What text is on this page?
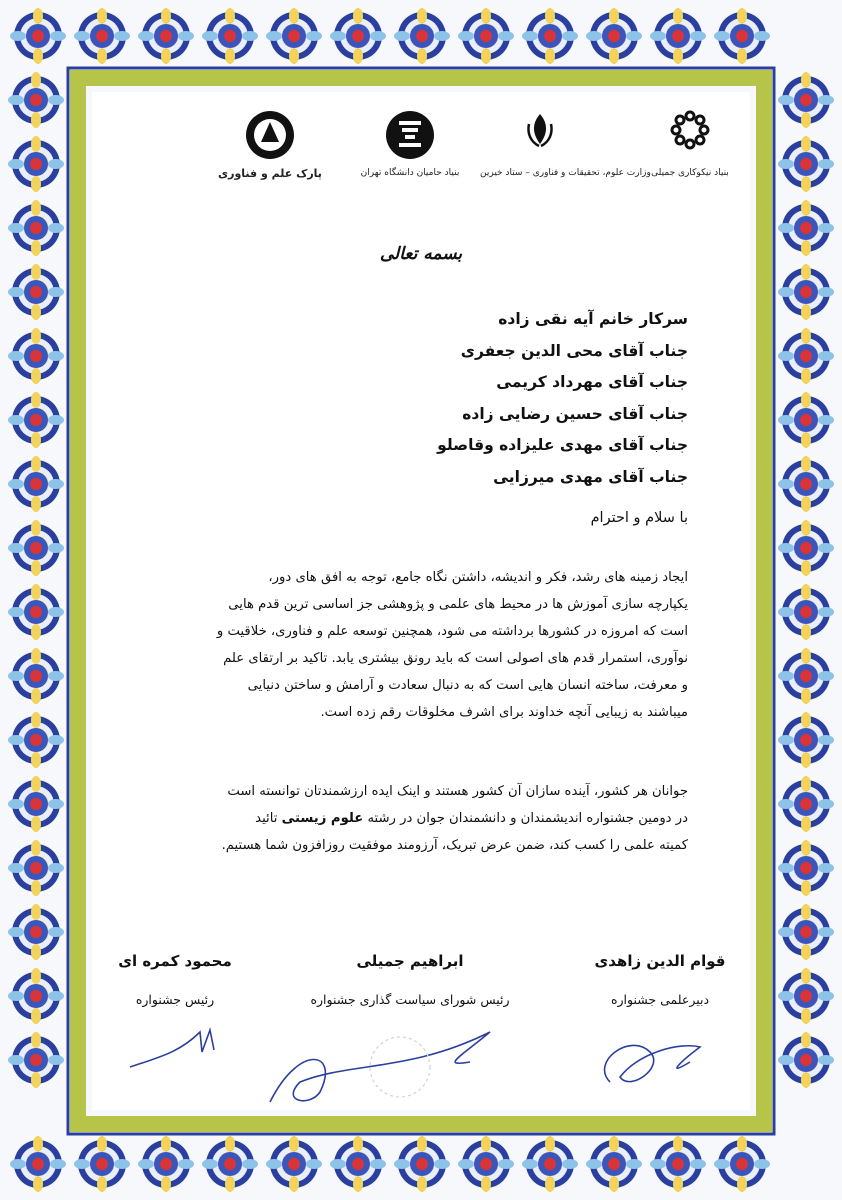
بنیاد نیکوکاری جمیلی
وزارت علوم، تحقیقات و فناوری – ستاد خیرین
بنیاد حامیان دانشگاه تهران
پارک علم و فناوری
بسمه تعالی
سرکار خانم آیه نقی زاده
جناب آقای محی الدین جعفری
جناب آقای مهرداد کریمی
جناب آقای حسین رضایی زاده
جناب آقای مهدی علیزاده وقاصلو
جناب آقای مهدی میرزایی
با سلام و احترام
ایجاد زمینه های رشد، فکر و اندیشه، داشتن نگاه جامع، توجه به افق های دور،
یکپارچه سازی آموزش ها در محیط های علمی و پژوهشی جز اساسی ترین قدم هایی
است که امروزه در کشورها برداشته می شود، همچنین توسعه علم و فناوری، خلاقیت و
نوآوری، استمرار قدم های اصولی است که باید رونق بیشتری یابد. تاکید بر ارتقای علم
و معرفت، ساخته انسان هایی است که به دنبال سعادت و آرامش و ساختن دنیایی
میباشند به زیبایی آنچه خداوند برای اشرف مخلوقات رقم زده است.
جوانان هر کشور، آینده سازان آن کشور هستند و اینک ایده ارزشمندتان توانسته است
در دومین جشنواره اندیشمندان و دانشمندان جوان در رشته علوم زیستی تائید
کمیته علمی را کسب کند، ضمن عرض تبریک، آرزومند موفقیت روزافزون شما هستیم.
قوام الدین زاهدی
دبیرعلمی جشنواره
ابراهیم جمیلی
رئیس شورای سیاست گذاری جشنواره
محمود کمره ای
رئیس جشنواره
